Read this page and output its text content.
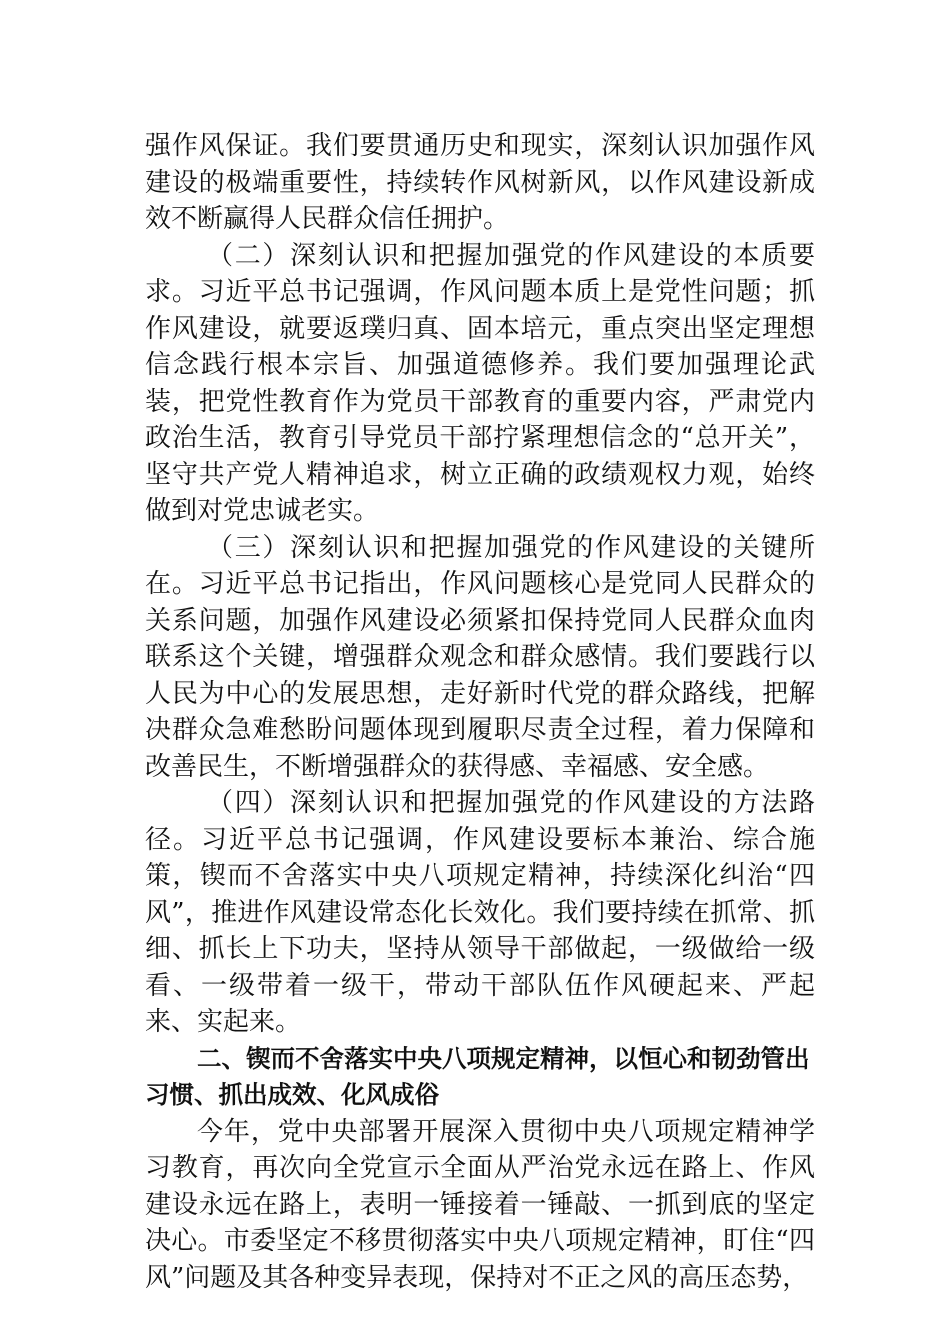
强作风保证。我们要贯通历史和现实，深刻认识加强作风建设的极端重要性，持续转作风树新风，以作风建设新成效不断赢得人民群众信任拥护。

（二）深刻认识和把握加强党的作风建设的本质要求。习近平总书记强调，作风问题本质上是党性问题；抓作风建设，就要返璞归真、固本培元，重点突出坚定理想信念践行根本宗旨、加强道德修养。我们要加强理论武装，把党性教育作为党员干部教育的重要内容，严肃党内政治生活，教育引导党员干部拧紧理想信念的“总开关”，坚守共产党人精神追求，树立正确的政绩观权力观，始终做到对党忠诚老实。

（三）深刻认识和把握加强党的作风建设的关键所在。习近平总书记指出，作风问题核心是党同人民群众的关系问题，加强作风建设必须紧扣保持党同人民群众血肉联系这个关键，增强群众观念和群众感情。我们要践行以人民为中心的发展思想，走好新时代党的群众路线，把解决群众急难愁盼问题体现到履职尽责全过程，着力保障和改善民生，不断增强群众的获得感、幸福感、安全感。

（四）深刻认识和把握加强党的作风建设的方法路径。习近平总书记强调，作风建设要标本兼治、综合施策，锲而不舍落实中央八项规定精神，持续深化纠治“四风”，推进作风建设常态化长效化。我们要持续在抓常、抓细、抓长上下功夫，坚持从领导干部做起，一级做给一级看、一级带着一级干，带动干部队伍作风硬起来、严起来、实起来。

二、锲而不舍落实中央八项规定精神，以恒心和韧劲管出习惯、抓出成效、化风成俗

今年，党中央部署开展深入贯彻中央八项规定精神学习教育，再次向全党宣示全面从严治党永远在路上、作风建设永远在路上，表明一锤接着一锤敲、一抓到底的坚定决心。市委坚定不移贯彻落实中央八项规定精神，盯住“四风”问题及其各种变异表现，保持对不正之风的高压态势，
